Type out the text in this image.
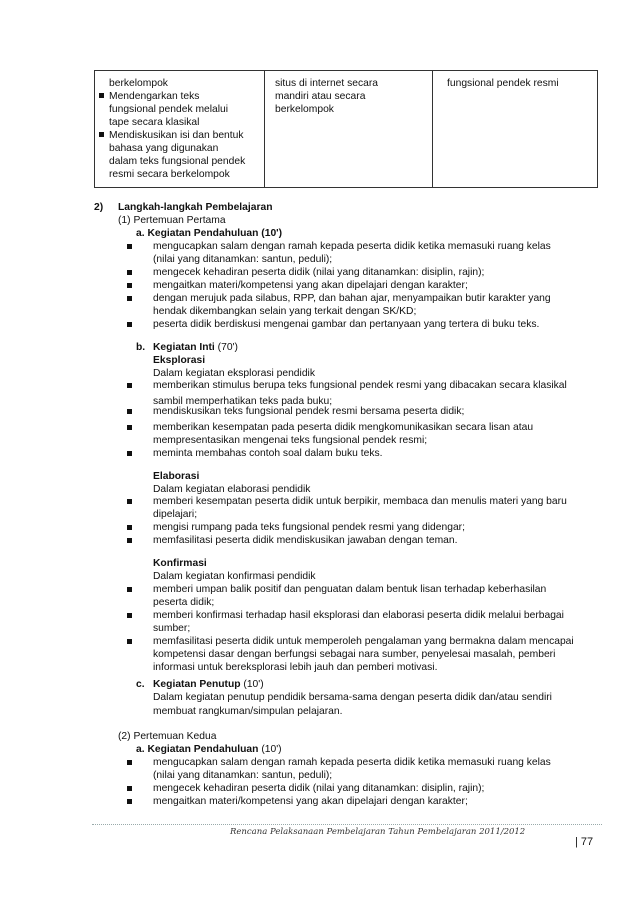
berkelompok
Mendengarkan teks
fungsional pendek melalui
tape secara klasikal
Mendiskusikan isi dan bentuk
bahasa yang digunakan
dalam teks fungsional pendek
resmi secara berkelompok
situs di internet secara
mandiri atau secara
berkelompok
fungsional pendek resmi
2) Langkah-langkah Pembelajaran
(1) Pertemuan Pertama
a. Kegiatan Pendahuluan (10')
mengucapkan salam dengan ramah kepada peserta didik ketika memasuki ruang kelas
(nilai yang ditanamkan: santun, peduli);
mengecek kehadiran peserta didik (nilai yang ditanamkan: disiplin, rajin);
mengaitkan materi/kompetensi yang akan dipelajari dengan karakter;
dengan merujuk pada silabus, RPP, dan bahan ajar, menyampaikan butir karakter yang
hendak dikembangkan selain yang terkait dengan SK/KD;
peserta didik berdiskusi mengenai gambar dan pertanyaan yang tertera di buku teks.
b. Kegiatan Inti (70')
Eksplorasi
Dalam kegiatan eksplorasi pendidik
memberikan stimulus berupa teks fungsional pendek resmi yang dibacakan secara klasikal
sambil memperhatikan teks pada buku;
mendiskusikan teks fungsional pendek resmi bersama peserta didik;
memberikan kesempatan pada peserta didik mengkomunikasikan secara lisan atau
mempresentasikan mengenai teks fungsional pendek resmi;
meminta membahas contoh soal dalam buku teks.
Elaborasi
Dalam kegiatan elaborasi pendidik
memberi kesempatan peserta didik untuk berpikir, membaca dan menulis materi yang baru
dipelajari;
mengisi rumpang pada teks fungsional pendek resmi yang didengar;
memfasilitasi peserta didik mendiskusikan jawaban dengan teman.
Konfirmasi
Dalam kegiatan konfirmasi pendidik
memberi umpan balik positif dan penguatan dalam bentuk lisan terhadap keberhasilan
peserta didik;
memberi konfirmasi terhadap hasil eksplorasi dan elaborasi peserta didik melalui berbagai
sumber;
memfasilitasi peserta didik untuk memperoleh pengalaman yang bermakna dalam mencapai
kompetensi dasar dengan berfungsi sebagai nara sumber, penyelesai masalah, pemberi
informasi untuk bereksplorasi lebih jauh dan pemberi motivasi.
c. Kegiatan Penutup (10')
Dalam kegiatan penutup pendidik bersama-sama dengan peserta didik dan/atau sendiri
membuat rangkuman/simpulan pelajaran.
(2) Pertemuan Kedua
a. Kegiatan Pendahuluan (10')
mengucapkan salam dengan ramah kepada peserta didik ketika memasuki ruang kelas
(nilai yang ditanamkan: santun, peduli);
mengecek kehadiran peserta didik (nilai yang ditanamkan: disiplin, rajin);
mengaitkan materi/kompetensi yang akan dipelajari dengan karakter;
Rencana Pelaksanaan Pembelajaran Tahun Pembelajaran 2011/2012
| 77
